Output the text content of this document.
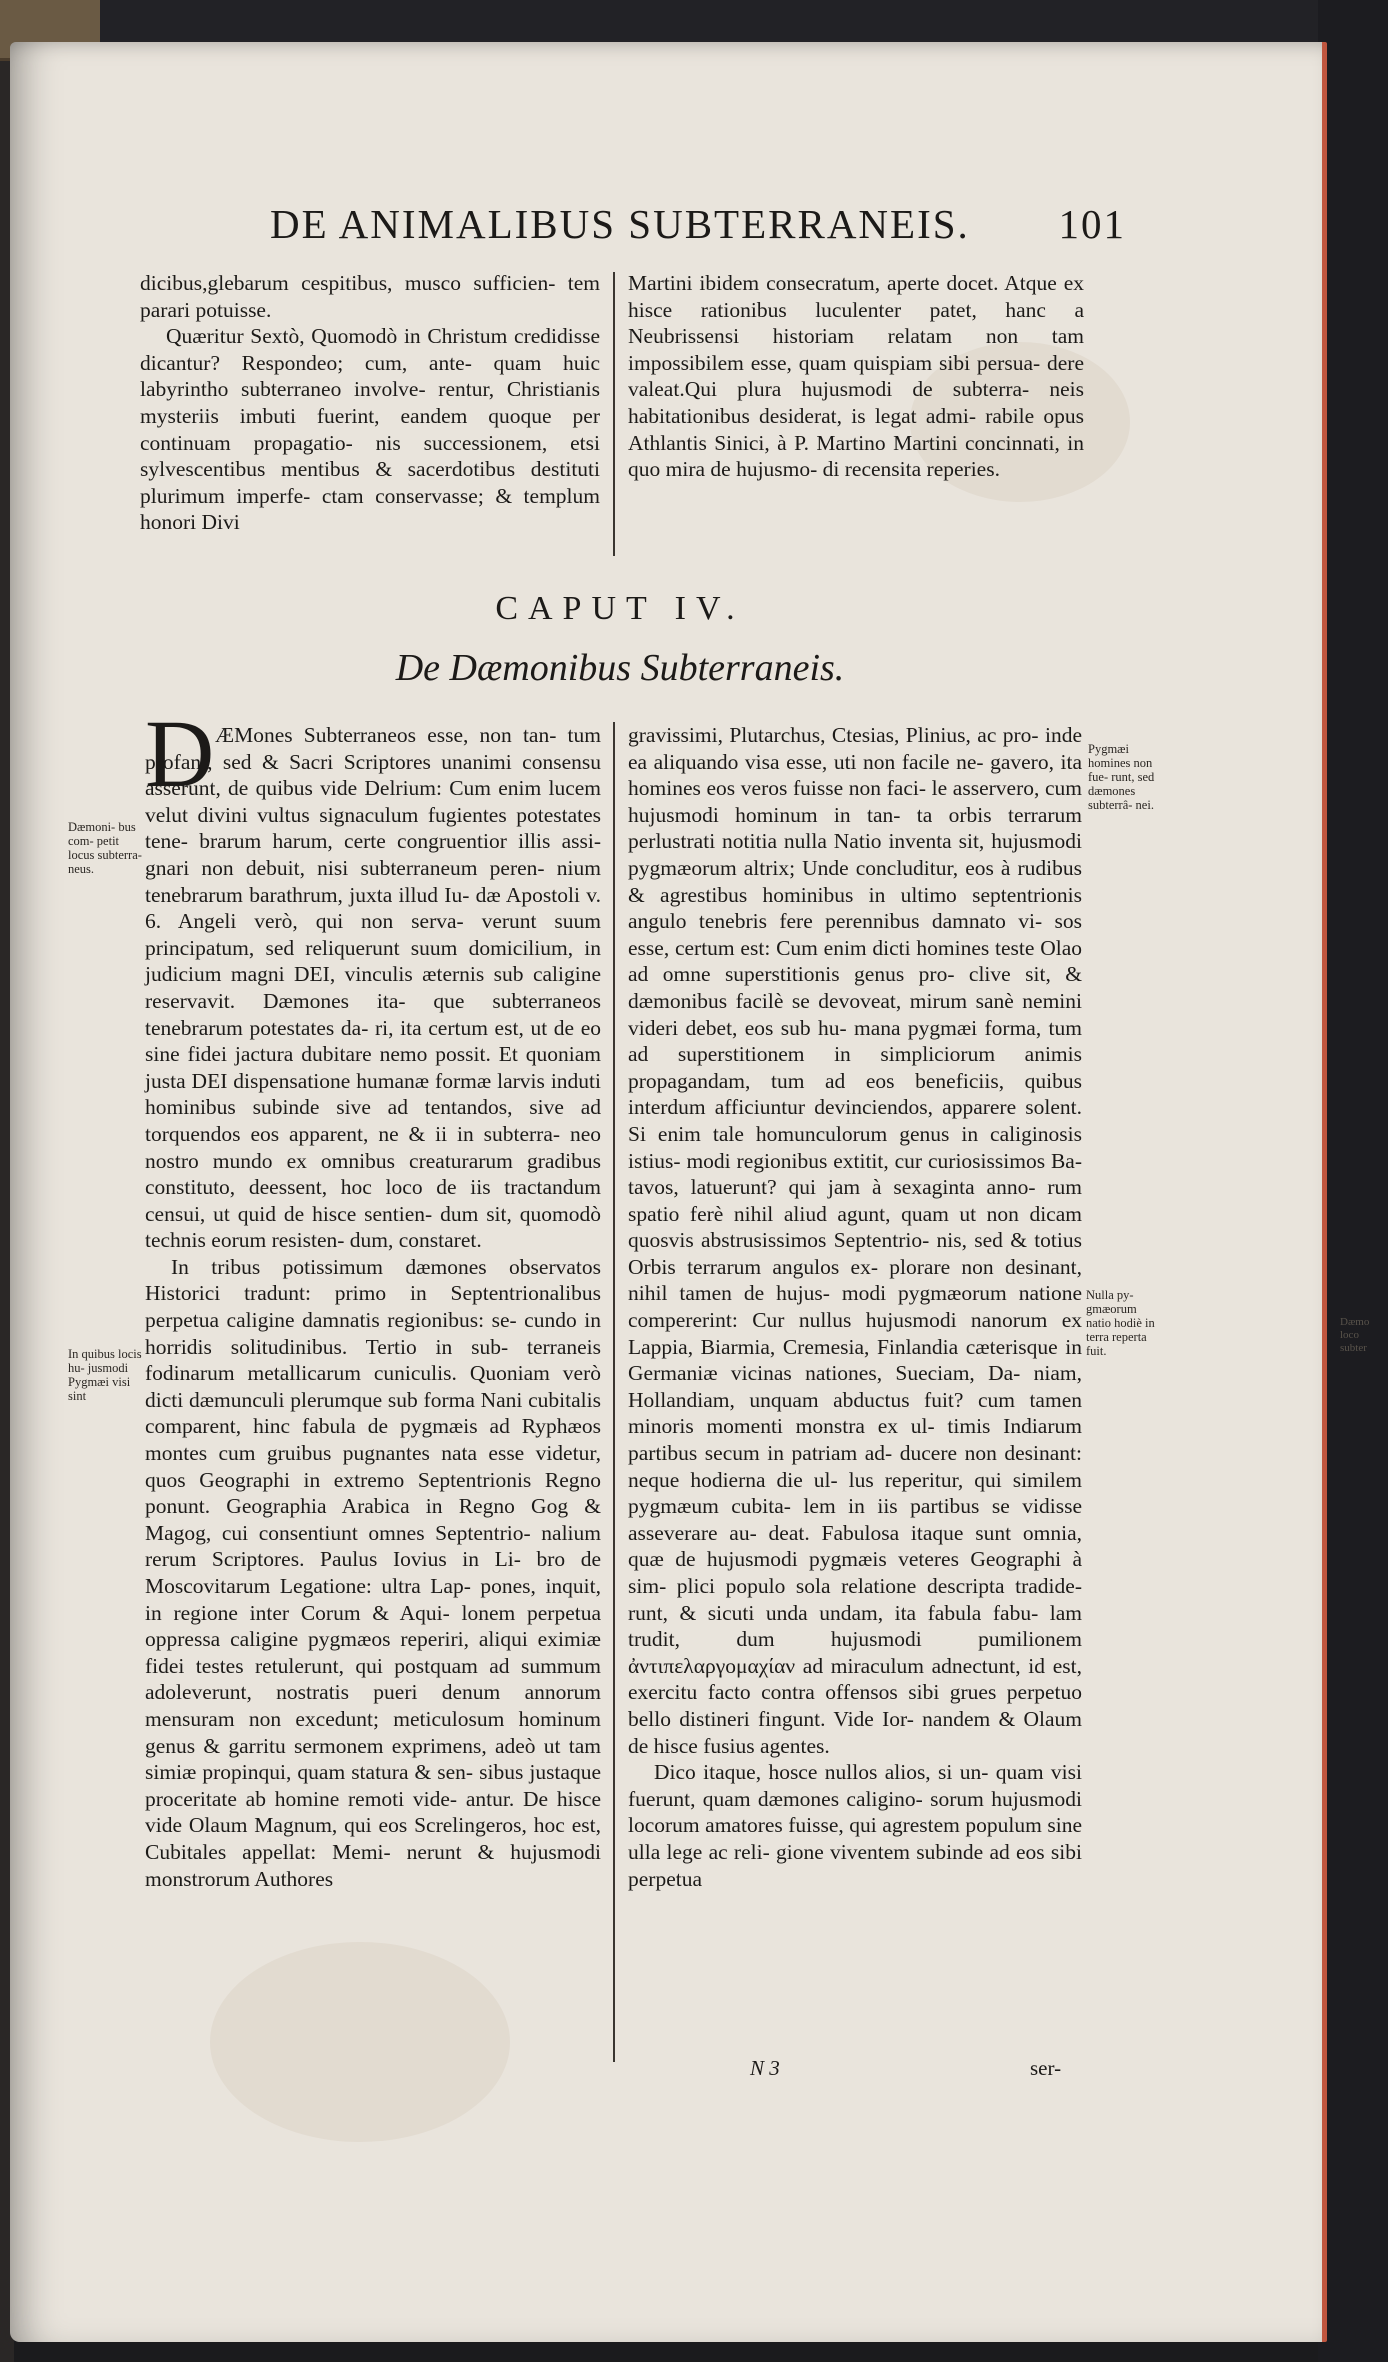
DE ANIMALIBUS SUBTERRANEIS. 101

dicibus,glebarum cespitibus, musco sufficien- tem parari potuisse.

Quæritur Sextò, Quomodò in Christum credidisse dicantur? Respondeo; cum, ante- quam huic labyrintho subterraneo involve- rentur, Christianis mysteriis imbuti fuerint, eandem quoque per continuam propagatio- nis successionem, etsi sylvescentibus mentibus & sacerdotibus destituti plurimum imperfe- ctam conservasse; & templum honori Divi

Martini ibidem consecratum, aperte docet. Atque ex hisce rationibus luculenter patet, hanc a Neubrissensi historiam relatam non tam impossibilem esse, quam quispiam sibi persua- dere valeat.Qui plura hujusmodi de subterra- neis habitationibus desiderat, is legat admi- rabile opus Athlantis Sinici, à P. Martino Martini concinnati, in quo mira de hujusmo- di recensita reperies.

CAPUT IV.
De Dæmonibus Subterraneis.
D ÆMones Subterraneos esse, non tan- tum profani, sed & Sacri Scriptores unanimi consensu asserunt, de quibus vide Delrium: Cum enim lucem velut divini vultus signaculum fugientes potestates tene- brarum harum, certe congruentior illis assi- gnari non debuit, nisi subterraneum peren- nium tenebrarum barathrum, juxta illud Iu- dæ Apostoli v. 6. Angeli verò, qui non serva- verunt suum principatum, sed reliquerunt suum domicilium, in judicium magni DEI, vinculis æternis sub caligine reservavit. Dæmones ita- que subterraneos tenebrarum potestates da- ri, ita certum est, ut de eo sine fidei jactura dubitare nemo possit. Et quoniam justa DEI dispensatione humanæ formæ larvis induti hominibus subinde sive ad tentandos, sive ad torquendos eos apparent, ne & ii in subterra- neo nostro mundo ex omnibus creaturarum gradibus constituto, deessent, hoc loco de iis tractandum censui, ut quid de hisce sentien- dum sit, quomodò technis eorum resisten- dum, constaret.

In tribus potissimum dæmones observatos Historici tradunt: primo in Septentrionalibus perpetua caligine damnatis regionibus: se- cundo in horridis solitudinibus. Tertio in sub- terraneis fodinarum metallicarum cuniculis. Quoniam verò dicti dæmunculi plerumque sub forma Nani cubitalis comparent, hinc fabula de pygmæis ad Ryphæos montes cum gruibus pugnantes nata esse videtur, quos Geographi in extremo Septentrionis Regno ponunt. Geographia Arabica in Regno Gog & Magog, cui consentiunt omnes Septentrio- nalium rerum Scriptores. Paulus Iovius in Li- bro de Moscovitarum Legatione: ultra Lap- pones, inquit, in regione inter Corum & Aqui- lonem perpetua oppressa caligine pygmæos reperiri, aliqui eximiæ fidei testes retulerunt, qui postquam ad summum adoleverunt, nostratis pueri denum annorum mensuram non excedunt; meticulosum hominum genus & garritu sermonem exprimens, adeò ut tam simiæ propinqui, quam statura & sen- sibus justaque proceritate ab homine remoti vide- antur. De hisce vide Olaum Magnum, qui eos Screlingeros, hoc est, Cubitales appellat: Memi- nerunt & hujusmodi monstrorum Authores

gravissimi, Plutarchus, Ctesias, Plinius, ac pro- inde ea aliquando visa esse, uti non facile ne- gavero, ita homines eos veros fuisse non faci- le asservero, cum hujusmodi hominum in tan- ta orbis terrarum perlustrati notitia nulla Natio inventa sit, hujusmodi pygmæorum altrix; Unde concluditur, eos à rudibus & agrestibus hominibus in ultimo septentrionis angulo tenebris fere perennibus damnato vi- sos esse, certum est: Cum enim dicti homines teste Olao ad omne superstitionis genus pro- clive sit, & dæmonibus facilè se devoveat, mirum sanè nemini videri debet, eos sub hu- mana pygmæi forma, tum ad superstitionem in simpliciorum animis propagandam, tum ad eos beneficiis, quibus interdum afficiuntur devinciendos, apparere solent. Si enim tale homunculorum genus in caliginosis istius- modi regionibus extitit, cur curiosissimos Ba- tavos, latuerunt? qui jam à sexaginta anno- rum spatio ferè nihil aliud agunt, quam ut non dicam quosvis abstrusissimos Septentrio- nis, sed & totius Orbis terrarum angulos ex- plorare non desinant, nihil tamen de hujus- modi pygmæorum natione compererint: Cur nullus hujusmodi nanorum ex Lappia, Biarmia, Cremesia, Finlandia cæterisque in Germaniæ vicinas nationes, Sueciam, Da- niam, Hollandiam, unquam abductus fuit? cum tamen minoris momenti monstra ex ul- timis Indiarum partibus secum in patriam ad- ducere non desinant: neque hodierna die ul- lus reperitur, qui similem pygmæum cubita- lem in iis partibus se vidisse asseverare au- deat. Fabulosa itaque sunt omnia, quæ de hujusmodi pygmæis veteres Geographi à sim- plici populo sola relatione descripta tradide- runt, & sicuti unda undam, ita fabula fabu- lam trudit, dum hujusmodi pumilionem ἀντιπελαργομαχίαν ad miraculum adnectunt, id est, exercitu facto contra offensos sibi grues perpetuo bello distineri fingunt. Vide Ior- nandem & Olaum de hisce fusius agentes.

Dico itaque, hosce nullos alios, si un- quam visi fuerunt, quam dæmones caligino- sorum hujusmodi locorum amatores fuisse, qui agrestem populum sine ulla lege ac reli- gione viventem subinde ad eos sibi perpetua

Dæmoni- bus com- petit locus subterra- neus.
In quibus locis hu- jusmodi Pygmæi visi sint
Pygmæi homines non fue- runt, sed dæmones subterrâ- nei.
Nulla py- gmæorum natio hodiè in terra reperta fuit.
N 3	ser-
Dæmo loco subter
